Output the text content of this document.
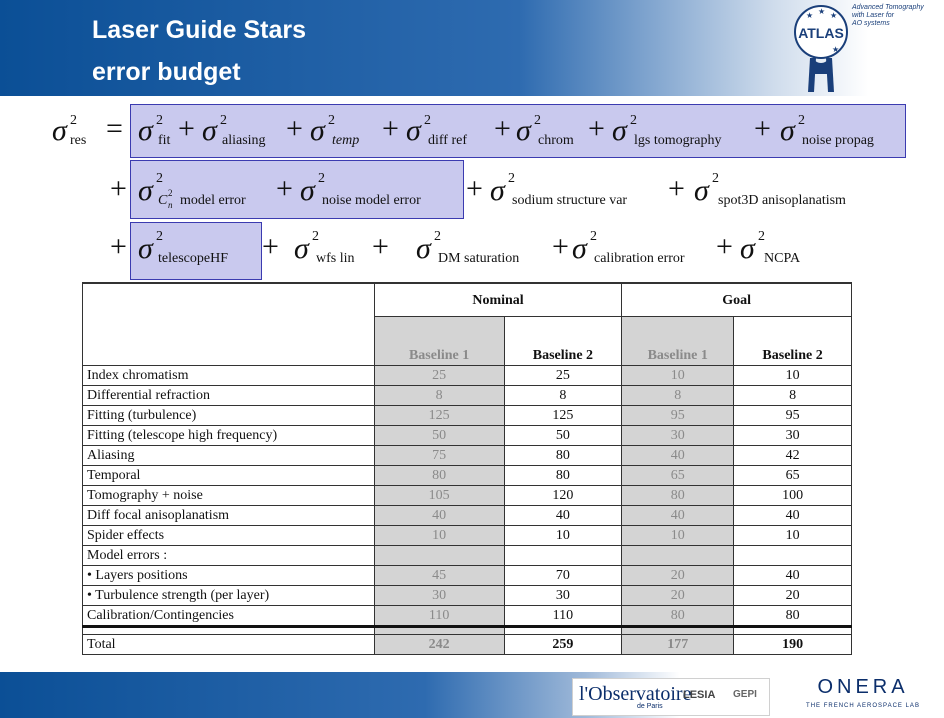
Laser Guide Stars
error budget
ATLAS
★ ★
★
★
Advanced Tomography
with Laser for
AO systems
σ 2
res = σ 2
fit + σ 2
aliasing + σ 2
temp + σ 2
diff ref + σ 2
chrom + σ 2
lgs tomography + σ 2
noise propag
+ σ 2
C n
2 model error + σ 2
noise model error + σ 2
sodium structure var + σ 2
spot3D anisoplanatism
+ σ 2
telescopeHF + σ 2
wfs lin + σ 2
DM saturation + σ 2
calibration error + σ 2
NCPA
	Nominal		Goal	
	Baseline 1	Baseline 2	Baseline 1	Baseline 2
Index chromatism	25	25	10	10
Differential refraction	8	8	8	8
Fitting (turbulence)	125	125	95	95
Fitting (telescope high frequency)	50	50	30	30
Aliasing	75	80	40	42
Temporal	80	80	65	65
Tomography + noise	105	120	80	100
Diff focal anisoplanatism	40	40	40	40
Spider effects	10	10	10	10
Model errors :				
• Layers positions	45	70	20	40
• Turbulence strength (per layer)	30	30	20	20
Calibration/Contingencies	110	110	80	80

Total	242	259	177	190
l'Observatoire
de Paris
LESIA GEPI	ONERA
THE FRENCH AEROSPACE LAB
